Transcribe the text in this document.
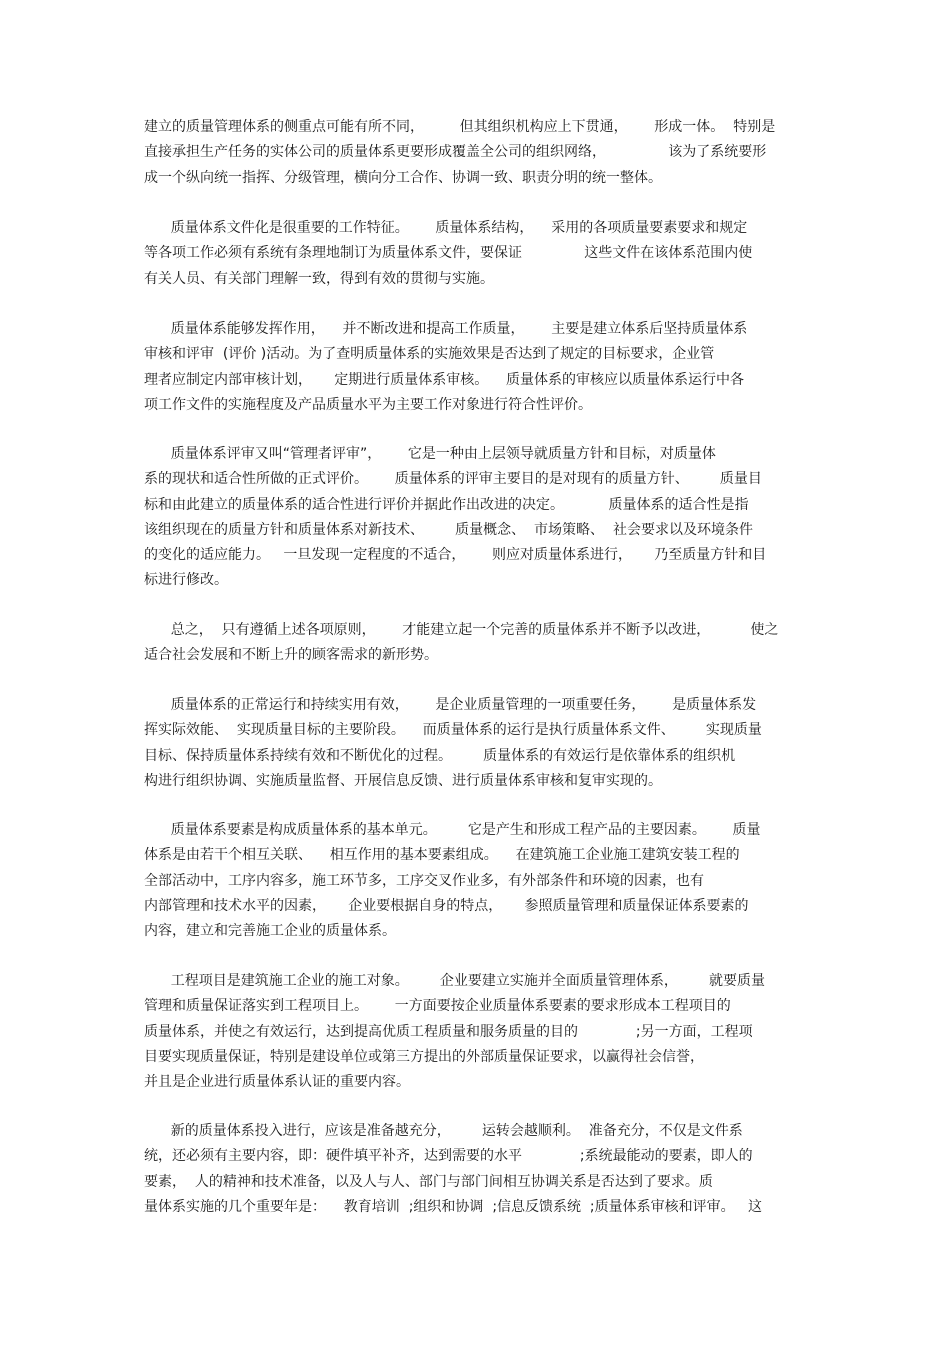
建立的质量管理体系的侧重点可能有所不同，        但其组织机构应上下贯通，      形成一体。  特别是
直接承担生产任务的实体公司的质量体系更要形成覆盖全公司的组织网络，              该为了系统要形
成一个纵向统一指挥、分级管理，横向分工合作、协调一致、职责分明的统一整体。
质量体系文件化是很重要的工作特征。      质量体系结构，    采用的各项质量要素要求和规定
等各项工作必须有系统有条理地制订为质量体系文件，要保证              这些文件在该体系范围内使
有关人员、有关部门理解一致，得到有效的贯彻与实施。
质量体系能够发挥作用，    并不断改进和提高工作质量，      主要是建立体系后坚持质量体系
审核和评审  (评价 )活动。为了查明质量体系的实施效果是否达到了规定的目标要求，企业管
理者应制定内部审核计划，     定期进行质量体系审核。    质量体系的审核应以质量体系运行中各
项工作文件的实施程度及产品质量水平为主要工作对象进行符合性评价。
质量体系评审又叫“管理者评审”，      它是一种由上层领导就质量方针和目标，对质量体
系的现状和适合性所做的正式评价。      质量体系的评审主要目的是对现有的质量方针、       质量目
标和由此建立的质量体系的适合性进行评价并据此作出改进的决定。          质量体系的适合性是指
该组织现在的质量方针和质量体系对新技术、       质量概念、  市场策略、  社会要求以及环境条件
的变化的适应能力。   一旦发现一定程度的不适合，      则应对质量体系进行，     乃至质量方针和目
标进行修改。
总之，  只有遵循上述各项原则，      才能建立起一个完善的质量体系并不断予以改进，         使之
适合社会发展和不断上升的顾客需求的新形势。
质量体系的正常运行和持续实用有效，      是企业质量管理的一项重要任务，      是质量体系发
挥实际效能、  实现质量目标的主要阶段。    而质量体系的运行是执行质量体系文件、       实现质量
目标、保持质量体系持续有效和不断优化的过程。       质量体系的有效运行是依靠体系的组织机
构进行组织协调、实施质量监督、开展信息反馈、进行质量体系审核和复审实现的。
质量体系要素是构成质量体系的基本单元。       它是产生和形成工程产品的主要因素。      质量
体系是由若干个相互关联、    相互作用的基本要素组成。    在建筑施工企业施工建筑安装工程的
全部活动中，工序内容多，施工环节多，工序交叉作业多，有外部条件和环境的因素，也有
内部管理和技术水平的因素，     企业要根据自身的特点，     参照质量管理和质量保证体系要素的
内容，建立和完善施工企业的质量体系。
工程项目是建筑施工企业的施工对象。       企业要建立实施并全面质量管理体系，       就要质量
管理和质量保证落实到工程项目上。      一方面要按企业质量体系要素的要求形成本工程项目的
质量体系，并使之有效运行，达到提高优质工程质量和服务质量的目的             ;另一方面，工程项
目要实现质量保证，特别是建设单位或第三方提出的外部质量保证要求，以赢得社会信誉，
并且是企业进行质量体系认证的重要内容。
新的质量体系投入进行，应该是准备越充分，       运转会越顺利。  准备充分，不仅是文件系
统，还必须有主要内容，即：硬件填平补齐，达到需要的水平             ;系统最能动的要素，即人的
要素，  人的精神和技术准备，以及人与人、部门与部门间相互协调关系是否达到了要求。质
量体系实施的几个重要年是：    教育培训  ;组织和协调  ;信息反馈系统  ;质量体系审核和评审。   这
